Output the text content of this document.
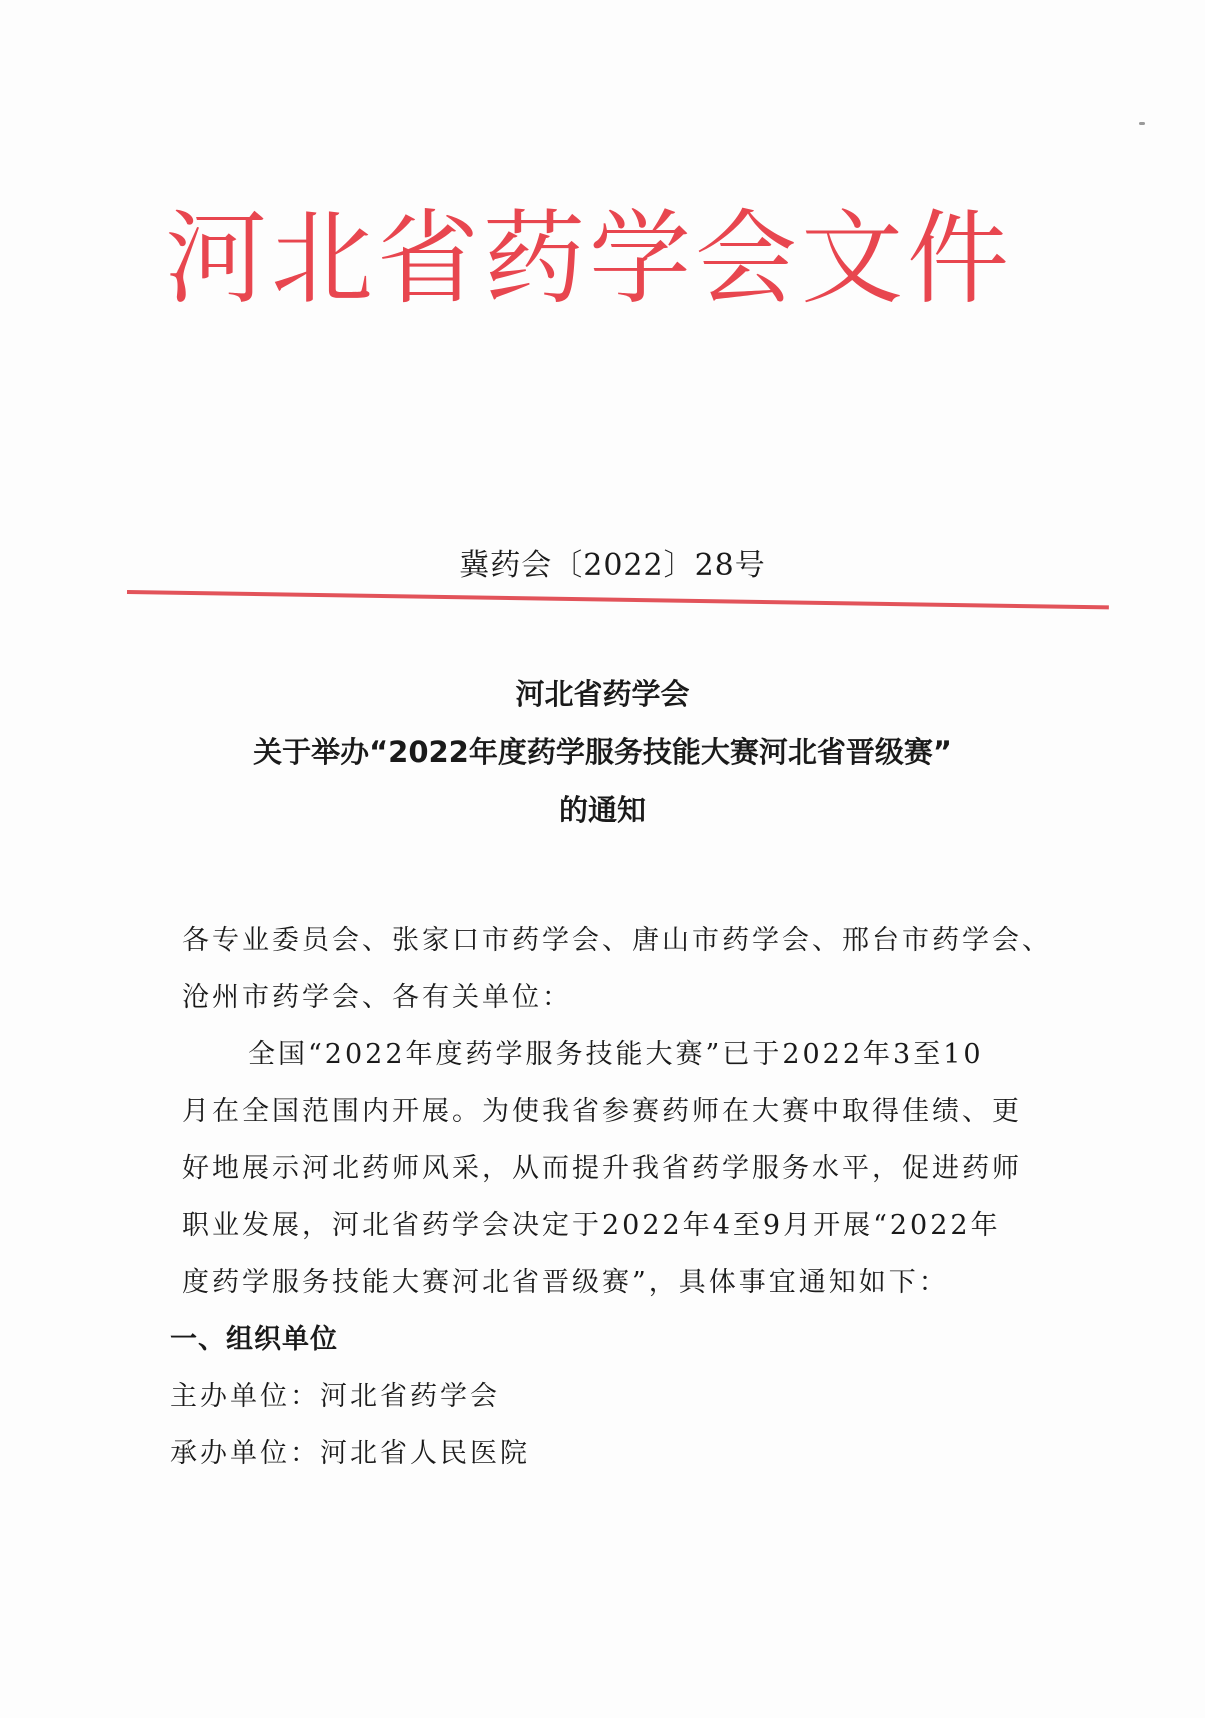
河北省药学会文件
冀药会〔2022〕28号
河北省药学会
关于举办“2022年度药学服务技能大赛河北省晋级赛”
的通知

各专业委员会、张家口市药学会、唐山市药学会、邢台市药学会、

沧州市药学会、各有关单位：

全国“2022年度药学服务技能大赛”已于2022年3至10

月在全国范围内开展。为使我省参赛药师在大赛中取得佳绩、更

好地展示河北药师风采，从而提升我省药学服务水平，促进药师

职业发展，河北省药学会决定于2022年4至9月开展“2022年

度药学服务技能大赛河北省晋级赛”，具体事宜通知如下：

一、组织单位

主办单位：河北省药学会

承办单位：河北省人民医院
